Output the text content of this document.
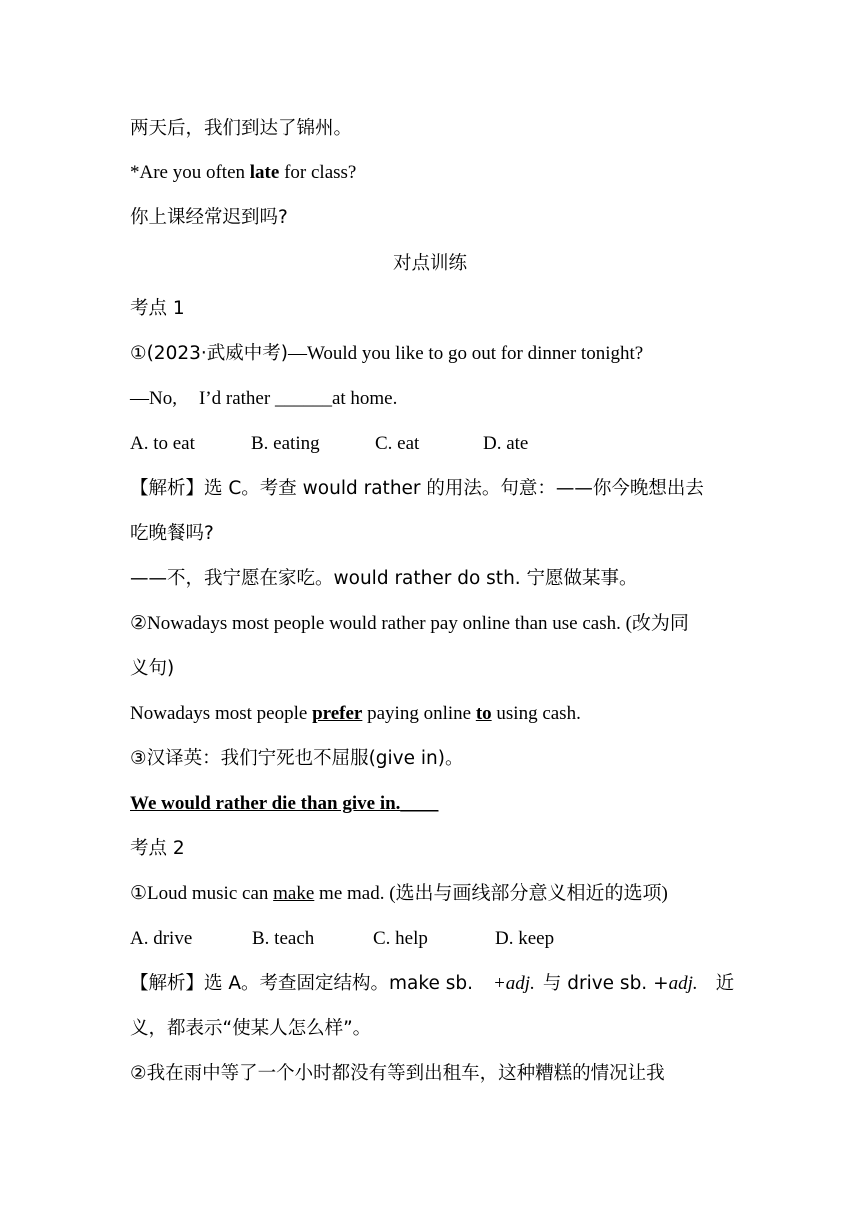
两天后，我们到达了锦州。
*Are you often late for class?
你上课经常迟到吗?
对点训练
考点 1
①(2023·武威中考)—Would you like to go out for dinner tonight?
—No, I’d rather ______at home.
A. to eat	B. eating	C. eat	D. ate
【解析】选 C。考查 would rather 的用法。句意：——你今晚想出去
吃晚餐吗?
——不，我宁愿在家吃。would rather do sth. 宁愿做某事。
②Nowadays most people would rather pay online than use cash. (改为同
义句)
Nowadays most people prefer paying online to using cash.
③汉译英：我们宁死也不屈服(give in)。
We would rather die than give in.____
考点 2
①Loud music can make me mad. (选出与画线部分意义相近的选项)
A. drive	B. teach	C. help	D. keep
【解析】选 A。考查固定结构。make sb. +adj. 与 drive sb. +adj. 近
义，都表示“使某人怎么样”。
②我在雨中等了一个小时都没有等到出租车，这种糟糕的情况让我
